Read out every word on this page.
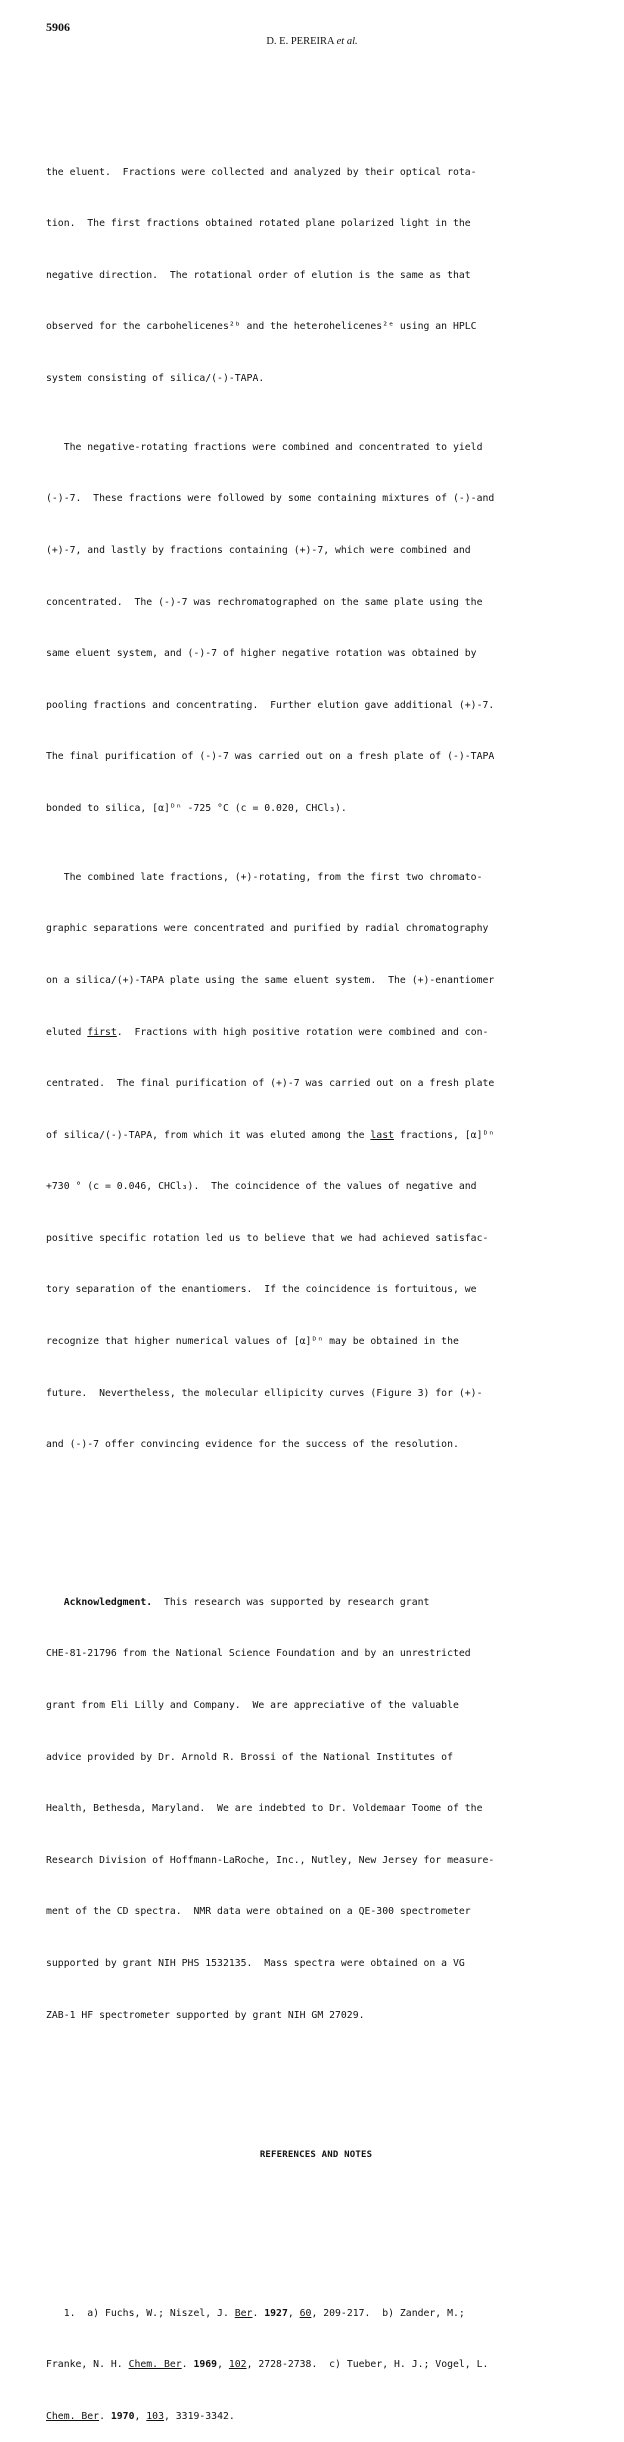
5906
D. E. PEREIRA et al.

the eluent.  Fractions were collected and analyzed by their optical rota-

tion.  The first fractions obtained rotated plane polarized light in the

negative direction.  The rotational order of elution is the same as that

observed for the carbohelicenes²ᵇ and the heterohelicenes²ᵉ using an HPLC

system consisting of silica/(-)-TAPA.

The negative-rotating fractions were combined and concentrated to yield

(-)-7.  These fractions were followed by some containing mixtures of (-)-and

(+)-7, and lastly by fractions containing (+)-7, which were combined and

concentrated.  The (-)-7 was rechromatographed on the same plate using the

same eluent system, and (-)-7 of higher negative rotation was obtained by

pooling fractions and concentrating.  Further elution gave additional (+)-7.

The final purification of (-)-7 was carried out on a fresh plate of (-)-TAPA

bonded to silica, [α]ᴰⁿ -725 °C (c = 0.020, CHCl₃).

The combined late fractions, (+)-rotating, from the first two chromato-

graphic separations were concentrated and purified by radial chromatography

on a silica/(+)-TAPA plate using the same eluent system.  The (+)-enantiomer

eluted first.  Fractions with high positive rotation were combined and con-

centrated.  The final purification of (+)-7 was carried out on a fresh plate

of silica/(-)-TAPA, from which it was eluted among the last fractions, [α]ᴰⁿ

+730 ° (c = 0.046, CHCl₃).  The coincidence of the values of negative and

positive specific rotation led us to believe that we had achieved satisfac-

tory separation of the enantiomers.  If the coincidence is fortuitous, we

recognize that higher numerical values of [α]ᴰⁿ may be obtained in the

future.  Nevertheless, the molecular ellipicity curves (Figure 3) for (+)-

and (-)-7 offer convincing evidence for the success of the resolution.

Acknowledgment.  This research was supported by research grant

CHE-81-21796 from the National Science Foundation and by an unrestricted

grant from Eli Lilly and Company.  We are appreciative of the valuable

advice provided by Dr. Arnold R. Brossi of the National Institutes of

Health, Bethesda, Maryland.  We are indebted to Dr. Voldemaar Toome of the

Research Division of Hoffmann-LaRoche, Inc., Nutley, New Jersey for measure-

ment of the CD spectra.  NMR data were obtained on a QE-300 spectrometer

supported by grant NIH PHS 1532135.  Mass spectra were obtained on a VG

ZAB-1 HF spectrometer supported by grant NIH GM 27029.

REFERENCES AND NOTES

1.  a) Fuchs, W.; Niszel, J. Ber. 1927, 60, 209-217.  b) Zander, M.;

Franke, N. H. Chem. Ber. 1969, 102, 2728-2738.  c) Tueber, H. J.; Vogel, L.

Chem. Ber. 1970, 103, 3319-3342.
